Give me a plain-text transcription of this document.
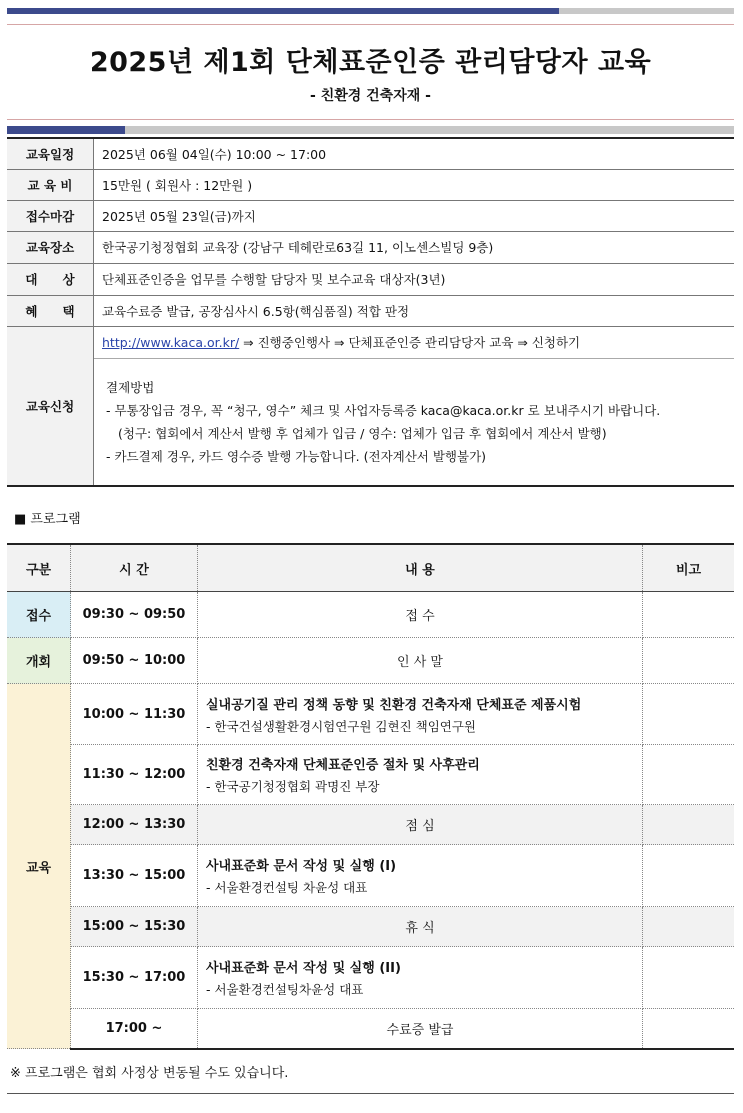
2025년 제1회 단체표준인증 관리담당자 교육
- 친환경 건축자재 -
교육일정	2025년 06월 04일(수) 10:00 ~ 17:00
교 육 비	15만원 ( 회원사 : 12만원 )
접수마감	2025년 05월 23일(금)까지
교육장소	한국공기청정협회 교육장 (강남구 테헤란로63길 11, 이노센스빌딩 9층)
대　　상	단체표준인증을 업무를 수행할 담당자 및 보수교육 대상자(3년)
혜　　택	교육수료증 발급, 공장심사시 6.5항(핵심품질) 적합 판정
교육신청	http://www.kaca.or.kr/ ⇒ 진행중인행사 ⇒ 단체표준인증 관리담당자 교육 ⇒ 신청하기
결제방법
- 무통장입금 경우, 꼭 “청구, 영수” 체크 및 사업자등록증 kaca@kaca.or.kr 로 보내주시기 바랍니다.
(청구: 협회에서 계산서 발행 후 업체가 입금 / 영수: 업체가 입금 후 협회에서 계산서 발행)
- 카드결제 경우, 카드 영수증 발행 가능합니다. (전자계산서 발행불가)
■ 프로그램
구분	시 간	내 용	비고
접수	09:30 ~ 09:50	접 수	
개회	09:50 ~ 10:00	인 사 말	
교육	10:00 ~ 11:30	실내공기질 관리 정책 동향 및 친환경 건축자재 단체표준 제품시험
- 한국건설생활환경시험연구원 김현진 책임연구원	

	11:30 ~ 12:00	친환경 건축자재 단체표준인증 절차 및 사후관리
- 한국공기청정협회 곽명진 부장	

	12:00 ~ 13:30	점 심	
	13:30 ~ 15:00	사내표준화 문서 작성 및 실행 (I)
- 서울환경컨설팅 차윤성 대표	

	15:00 ~ 15:30	휴 식	
	15:30 ~ 17:00	사내표준화 문서 작성 및 실행 (II)
- 서울환경컨설팅차윤성 대표	

	17:00 ~	수료증 발급	
※ 프로그램은 협회 사정상 변동될 수도 있습니다.
